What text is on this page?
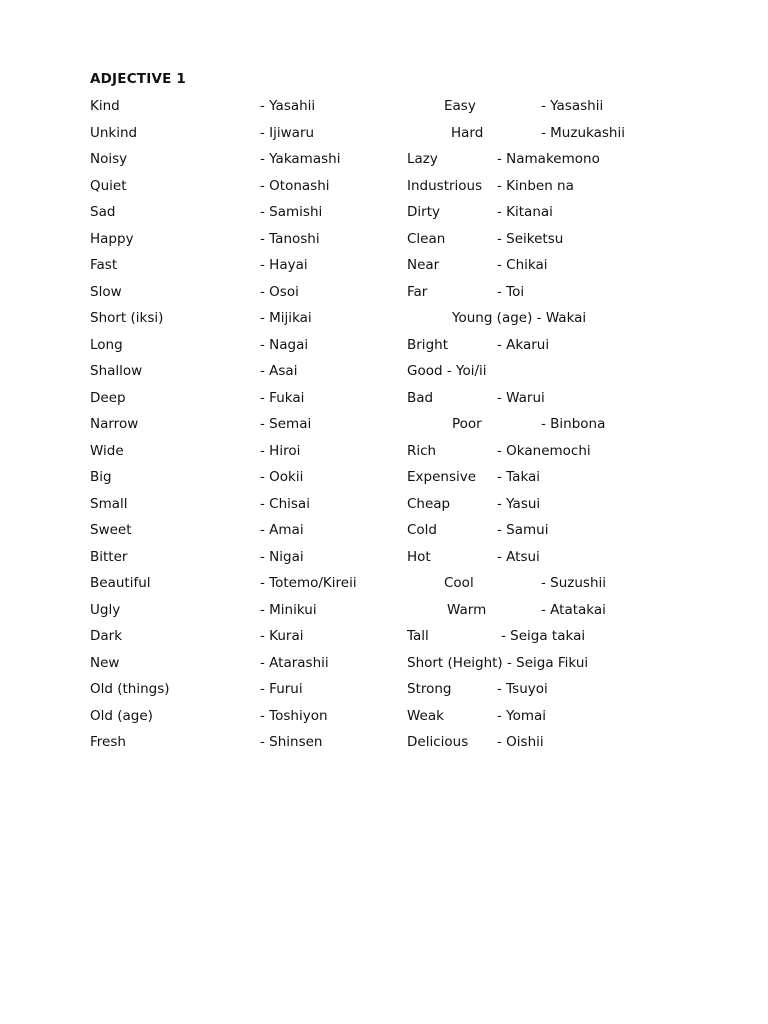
ADJECTIVE 1
Kind	- Yasahii	Easy	- Yasashii
Unkind	- Ijiwaru	Hard	- Muzukashii
Noisy	- Yakamashi	Lazy	- Namakemono
Quiet	- Otonashi	Industrious - Kinben na
Sad	- Samishi	Dirty	- Kitanai
Happy	- Tanoshi	Clean	- Seiketsu
Fast	- Hayai	Near	- Chikai
Slow	- Osoi	Far	- Toi
Short (iksi)	- Mijikai	Young (age) - Wakai
Long	- Nagai	Bright	- Akarui
Shallow	- Asai	Good - Yoi/ii
Deep	- Fukai	Bad	- Warui
Narrow	- Semai	Poor	- Binbona
Wide	- Hiroi	Rich	- Okanemochi
Big	- Ookii	Expensive - Takai
Small	- Chisai	Cheap	- Yasui
Sweet	- Amai	Cold	- Samui
Bitter	- Nigai	Hot	- Atsui
Beautiful	- Totemo/Kireii	Cool	- Suzushii
Ugly	- Minikui	Warm	- Atatakai
Dark	- Kurai	Tall	- Seiga takai
New	- Atarashii	Short (Height) - Seiga Fikui
Old (things)	- Furui	Strong	- Tsuyoi
Old (age)	- Toshiyon	Weak	- Yomai
Fresh	- Shinsen	Delicious - Oishii
